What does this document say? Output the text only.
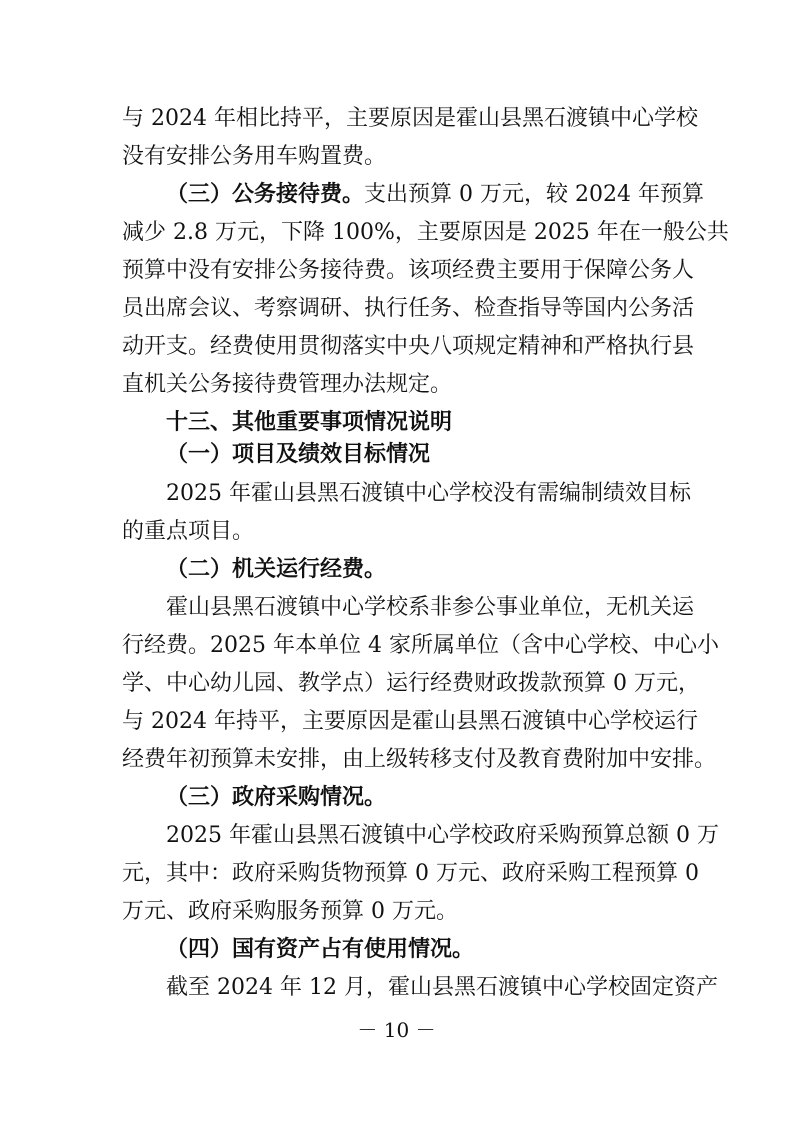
与 2024 年相比持平，主要原因是霍山县黑石渡镇中心学校
没有安排公务用车购置费。
（三）公务接待费。支出预算 0 万元，较 2024 年预算
减少 2.8 万元，下降 100%，主要原因是 2025 年在一般公共
预算中没有安排公务接待费。该项经费主要用于保障公务人
员出席会议、考察调研、执行任务、检查指导等国内公务活
动开支。经费使用贯彻落实中央八项规定精神和严格执行县
直机关公务接待费管理办法规定。
十三、其他重要事项情况说明
（一）项目及绩效目标情况
2025 年霍山县黑石渡镇中心学校没有需编制绩效目标
的重点项目。
（二）机关运行经费。
霍山县黑石渡镇中心学校系非参公事业单位，无机关运
行经费。2025 年本单位 4 家所属单位（含中心学校、中心小
学、中心幼儿园、教学点）运行经费财政拨款预算 0 万元，
与 2024 年持平，主要原因是霍山县黑石渡镇中心学校运行
经费年初预算未安排，由上级转移支付及教育费附加中安排。
（三）政府采购情况。
2025 年霍山县黑石渡镇中心学校政府采购预算总额 0 万
元，其中：政府采购货物预算 0 万元、政府采购工程预算 0
万元、政府采购服务预算 0 万元。
（四）国有资产占有使用情况。
截至 2024 年 12 月，霍山县黑石渡镇中心学校固定资产
－ 10 －
